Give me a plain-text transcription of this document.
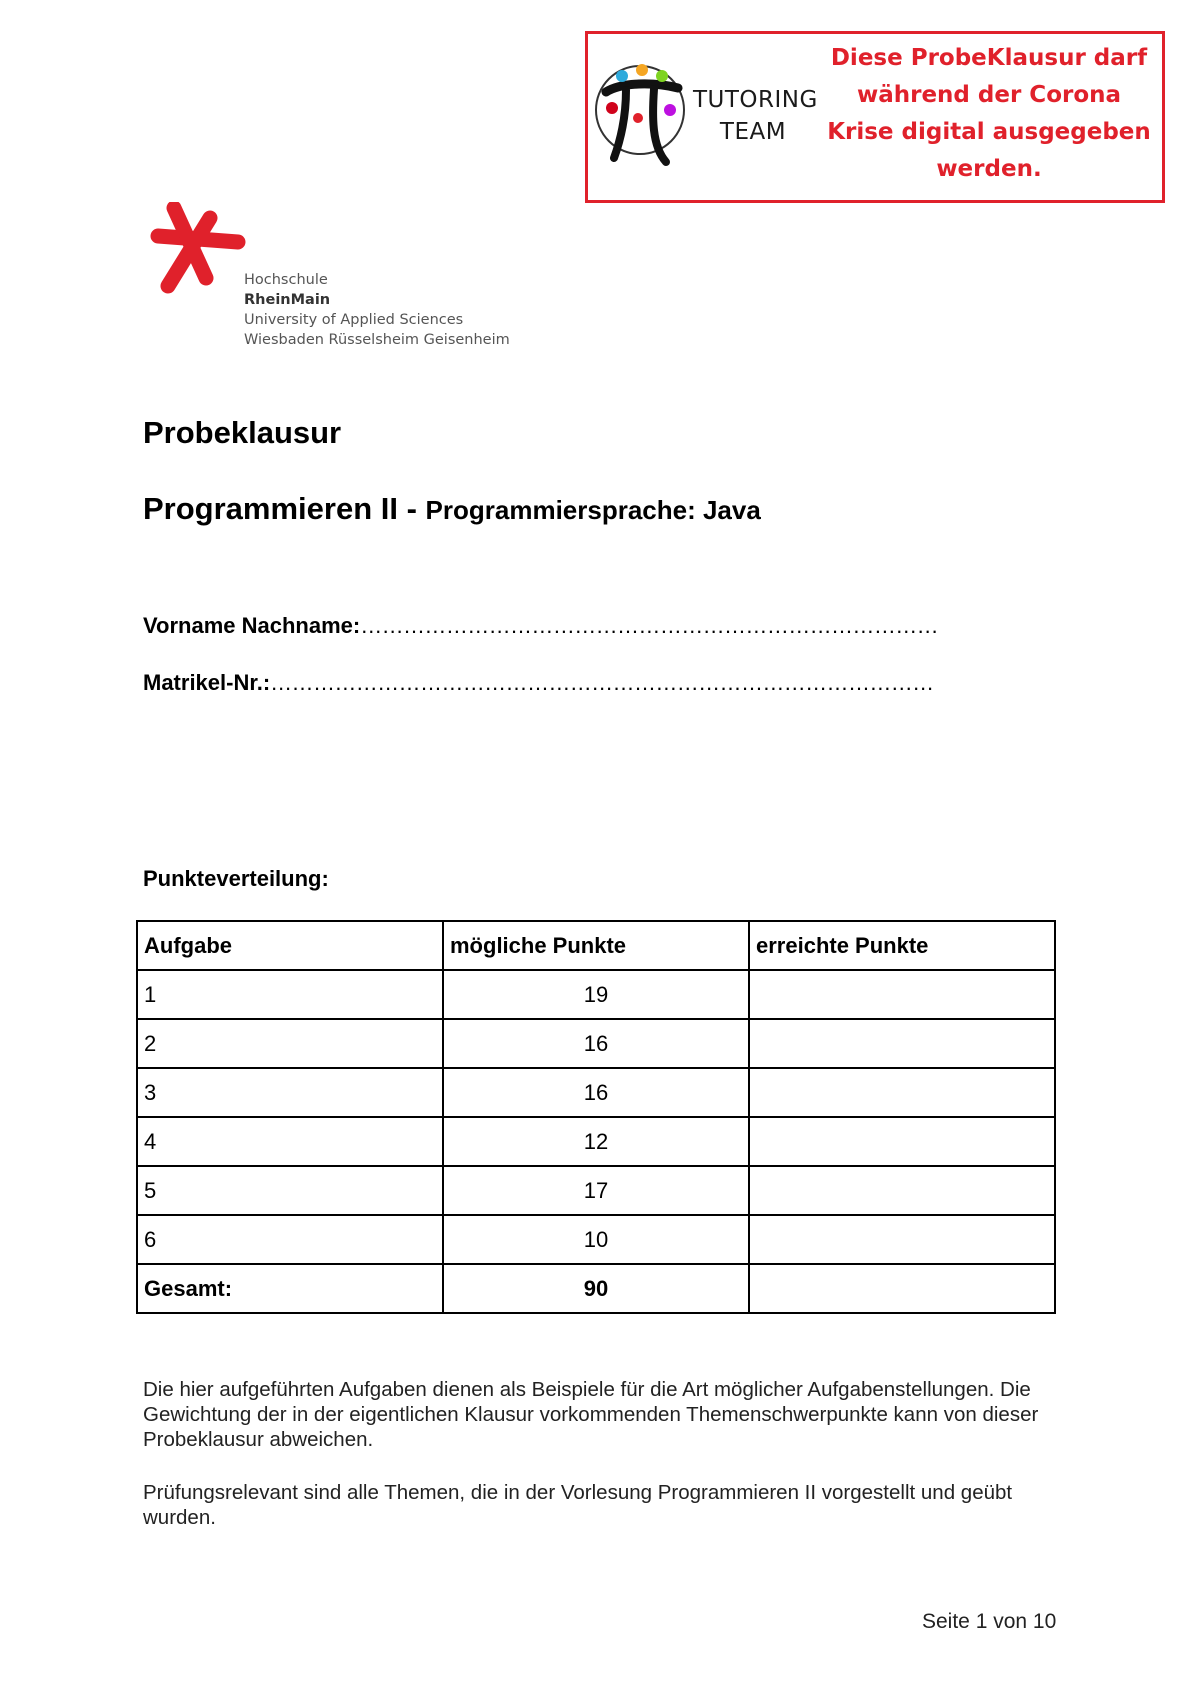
TUTORING
TEAM
Diese ProbeKlausur darf
während der Corona
Krise digital ausgegeben
werden.
Hochschule
RheinMain
University of Applied Sciences
Wiesbaden Rüsselsheim Geisenheim
Probeklausur
Programmieren II - Programmiersprache: Java
Vorname Nachname:………………………………………………………………………
Matrikel-Nr.:…………………………………………………………………………………
Punkteverteilung:
Aufgabe	mögliche Punkte	erreichte Punkte
1	19	
2	16	
3	16	
4	12	
5	17	
6	10	
Gesamt:	90	
Die hier aufgeführten Aufgaben dienen als Beispiele für die Art möglicher Aufgabenstellungen. Die Gewichtung der in der eigentlichen Klausur vorkommenden Themenschwerpunkte kann von dieser Probeklausur abweichen.
Prüfungsrelevant sind alle Themen, die in der Vorlesung Programmieren II vorgestellt und geübt wurden.
Seite 1 von 10
